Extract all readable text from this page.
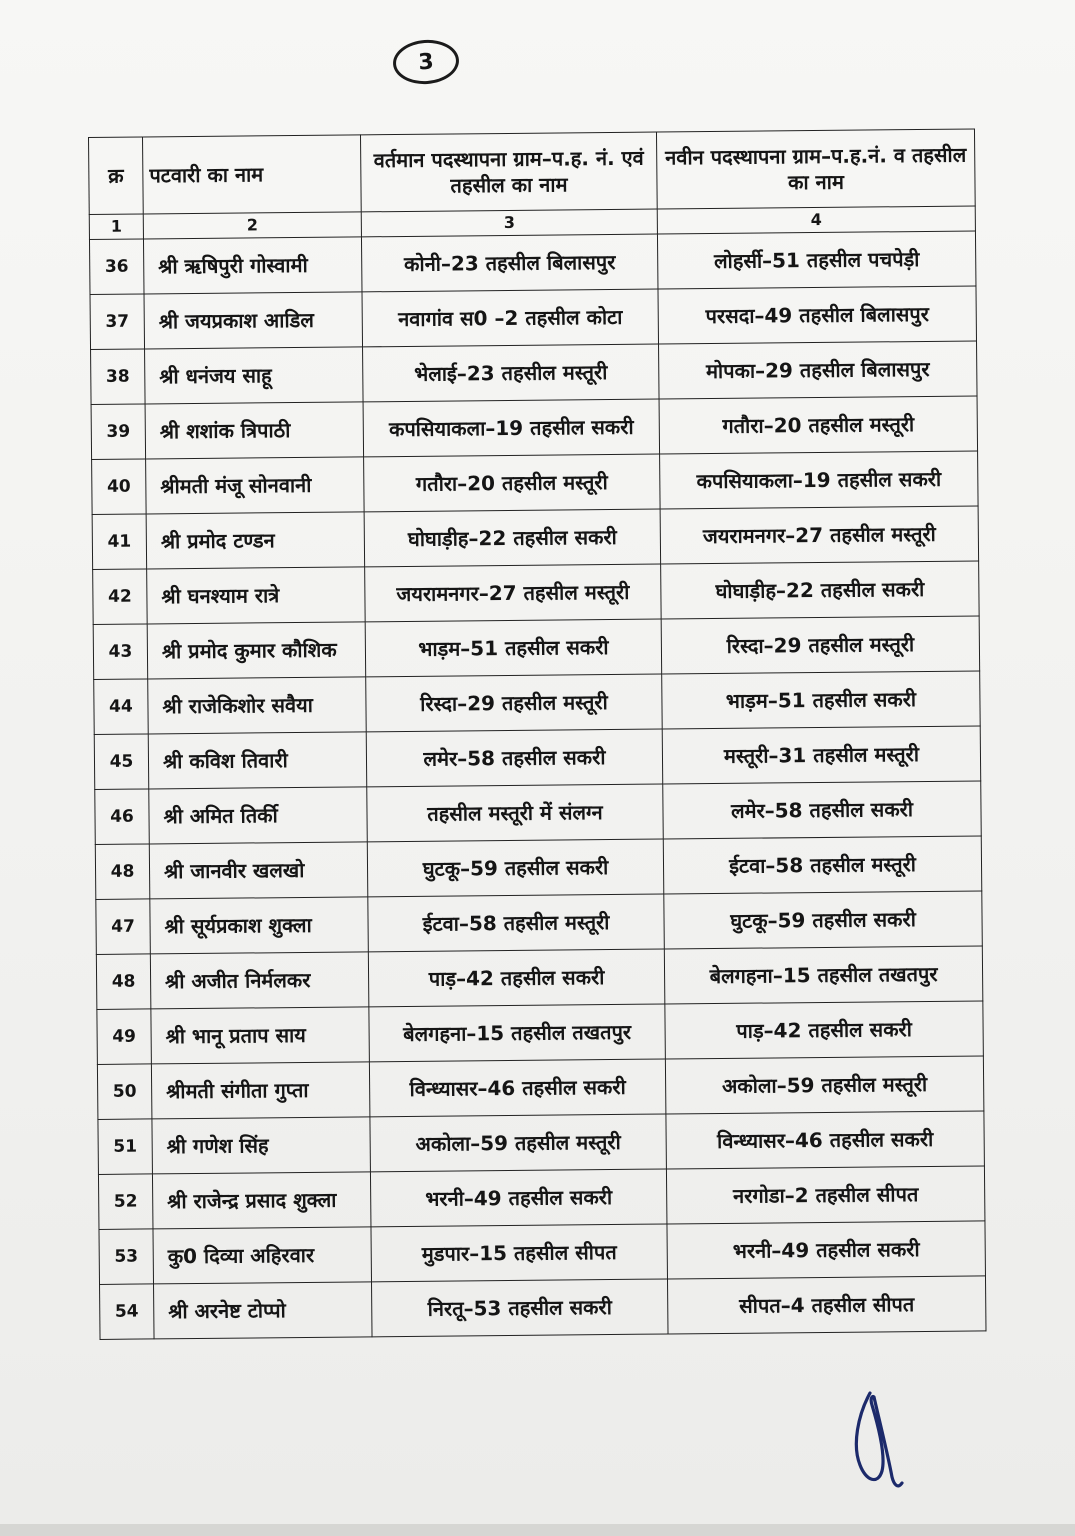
3
क्र	पटवारी का नाम	वर्तमान पदस्थापना ग्राम–प.ह. नं. एवं तहसील का नाम	नवीन पदस्थापना ग्राम–प.ह.नं. व तहसील का नाम
1	2	3	4
36	श्री ऋषिपुरी गोस्वामी	कोनी–23 तहसील बिलासपुर	लोहर्सी–51 तहसील पचपेड़ी
37	श्री जयप्रकाश आडिल	नवागांव स0 –2 तहसील कोटा	परसदा–49 तहसील बिलासपुर
38	श्री धनंजय साहू	भेलाई–23 तहसील मस्तूरी	मोपका–29 तहसील बिलासपुर
39	श्री शशांक त्रिपाठी	कपसियाकला–19 तहसील सकरी	गतौरा–20 तहसील मस्तूरी
40	श्रीमती मंजू सोनवानी	गतौरा–20 तहसील मस्तूरी	कपसियाकला–19 तहसील सकरी
41	श्री प्रमोद टण्डन	घोघाड़ीह–22 तहसील सकरी	जयरामनगर–27 तहसील मस्तूरी
42	श्री घनश्याम रात्रे	जयरामनगर–27 तहसील मस्तूरी	घोघाड़ीह–22 तहसील सकरी
43	श्री प्रमोद कुमार कौशिक	भाड़म–51 तहसील सकरी	रिस्दा–29 तहसील मस्तूरी
44	श्री राजेकिशोर सवैया	रिस्दा–29 तहसील मस्तूरी	भाड़म–51 तहसील सकरी
45	श्री कविश तिवारी	लमेर–58 तहसील सकरी	मस्तूरी–31 तहसील मस्तूरी
46	श्री अमित तिर्की	तहसील मस्तूरी में संलग्न	लमेर–58 तहसील सकरी
48	श्री जानवीर खलखो	घुटकू–59 तहसील सकरी	ईटवा–58 तहसील मस्तूरी
47	श्री सूर्यप्रकाश शुक्ला	ईटवा–58 तहसील मस्तूरी	घुटकू–59 तहसील सकरी
48	श्री अजीत निर्मलकर	पाड़–42 तहसील सकरी	बेलगहना–15 तहसील तखतपुर
49	श्री भानू प्रताप साय	बेलगहना–15 तहसील तखतपुर	पाड़–42 तहसील सकरी
50	श्रीमती संगीता गुप्ता	विन्ध्यासर–46 तहसील सकरी	अकोला–59 तहसील मस्तूरी
51	श्री गणेश सिंह	अकोला–59 तहसील मस्तूरी	विन्ध्यासर–46 तहसील सकरी
52	श्री राजेन्द्र प्रसाद शुक्ला	भरनी–49 तहसील सकरी	नरगोडा–2 तहसील सीपत
53	कु0 दिव्या अहिरवार	मुडपार–15 तहसील सीपत	भरनी–49 तहसील सकरी
54	श्री अरनेष्ट टोप्पो	निरतू–53 तहसील सकरी	सीपत–4 तहसील सीपत
